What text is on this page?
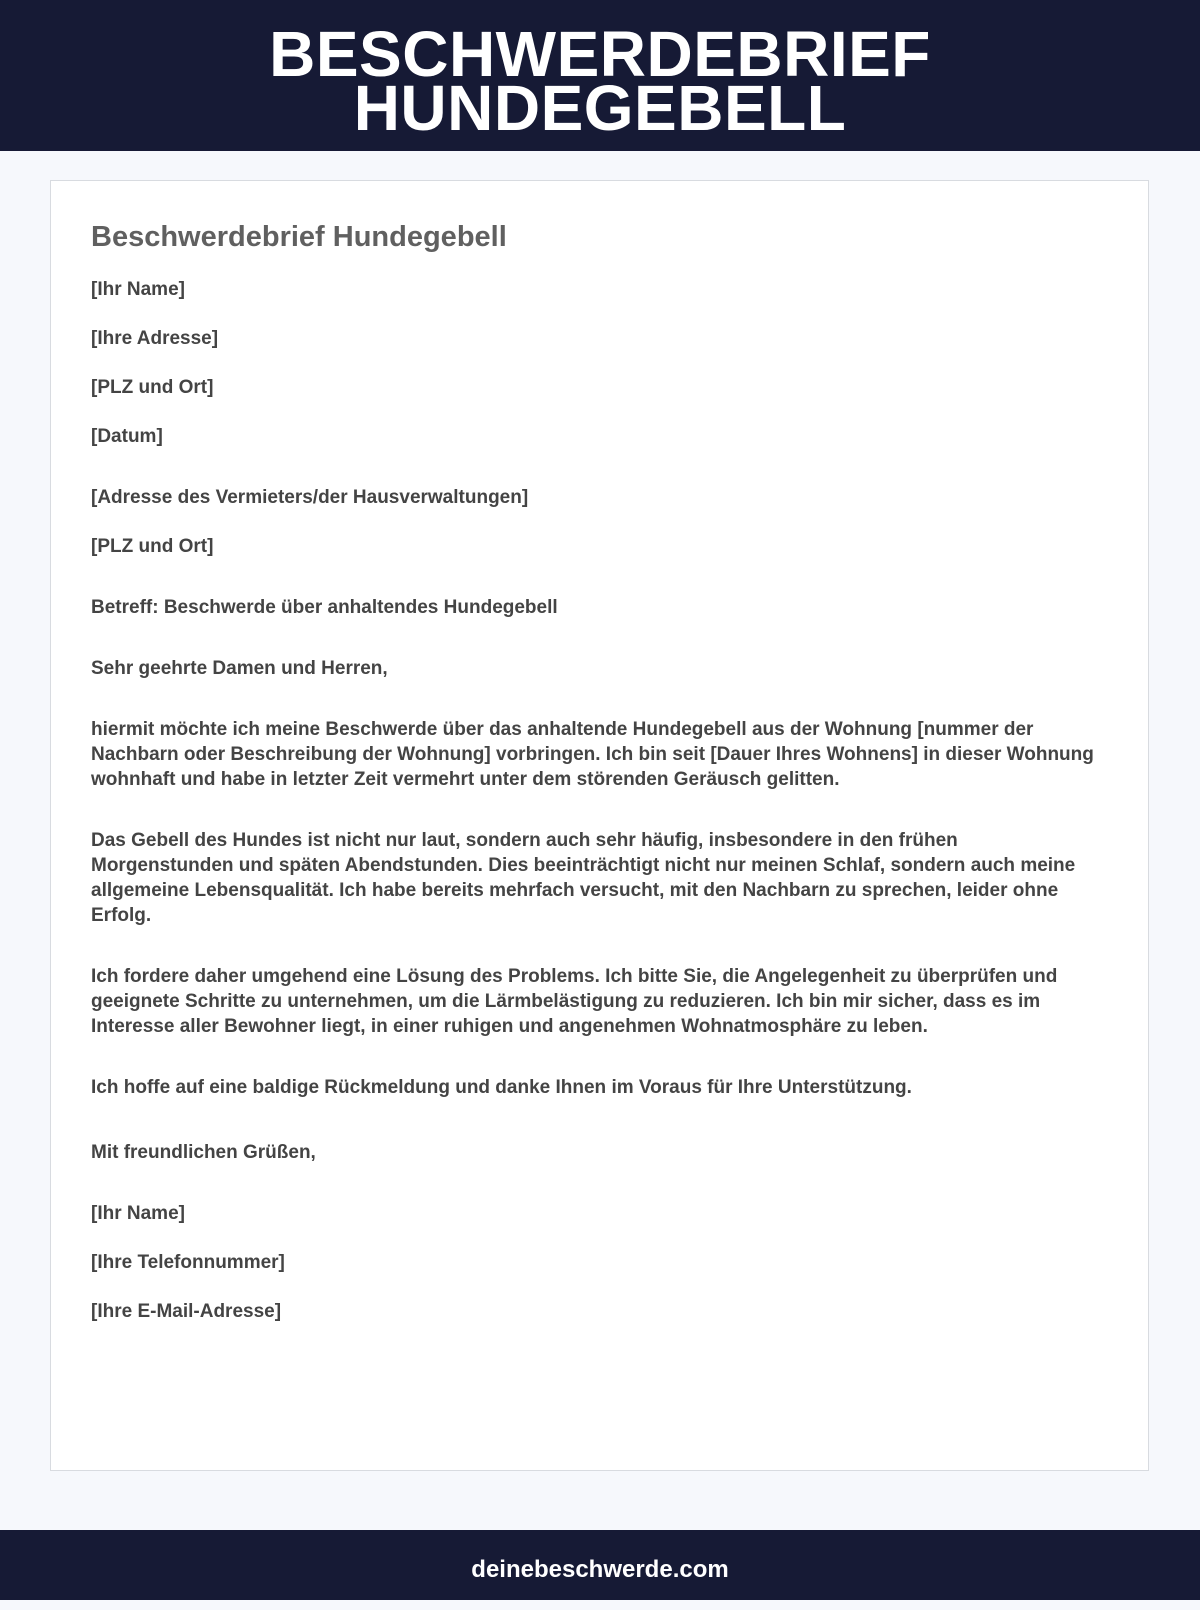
BESCHWERDEBRIEF
HUNDEGEBELL
Beschwerdebrief Hundegebell

[Ihr Name]

[Ihre Adresse]

[PLZ und Ort]

[Datum]

[Adresse des Vermieters/der Hausverwaltungen]

[PLZ und Ort]

Betreff: Beschwerde über anhaltendes Hundegebell

Sehr geehrte Damen und Herren,

hiermit möchte ich meine Beschwerde über das anhaltende Hundegebell aus der Wohnung [nummer der Nachbarn oder Beschreibung der Wohnung] vorbringen. Ich bin seit [Dauer Ihres Wohnens] in dieser Wohnung wohnhaft und habe in letzter Zeit vermehrt unter dem störenden Geräusch gelitten.

Das Gebell des Hundes ist nicht nur laut, sondern auch sehr häufig, insbesondere in den frühen Morgenstunden und späten Abendstunden. Dies beeinträchtigt nicht nur meinen Schlaf, sondern auch meine allgemeine Lebensqualität. Ich habe bereits mehrfach versucht, mit den Nachbarn zu sprechen, leider ohne Erfolg.

Ich fordere daher umgehend eine Lösung des Problems. Ich bitte Sie, die Angelegenheit zu überprüfen und geeignete Schritte zu unternehmen, um die Lärmbelästigung zu reduzieren. Ich bin mir sicher, dass es im Interesse aller Bewohner liegt, in einer ruhigen und angenehmen Wohnatmosphäre zu leben.

Ich hoffe auf eine baldige Rückmeldung und danke Ihnen im Voraus für Ihre Unterstützung.

Mit freundlichen Grüßen,

[Ihr Name]

[Ihre Telefonnummer]

[Ihre E-Mail-Adresse]

deinebeschwerde.com
